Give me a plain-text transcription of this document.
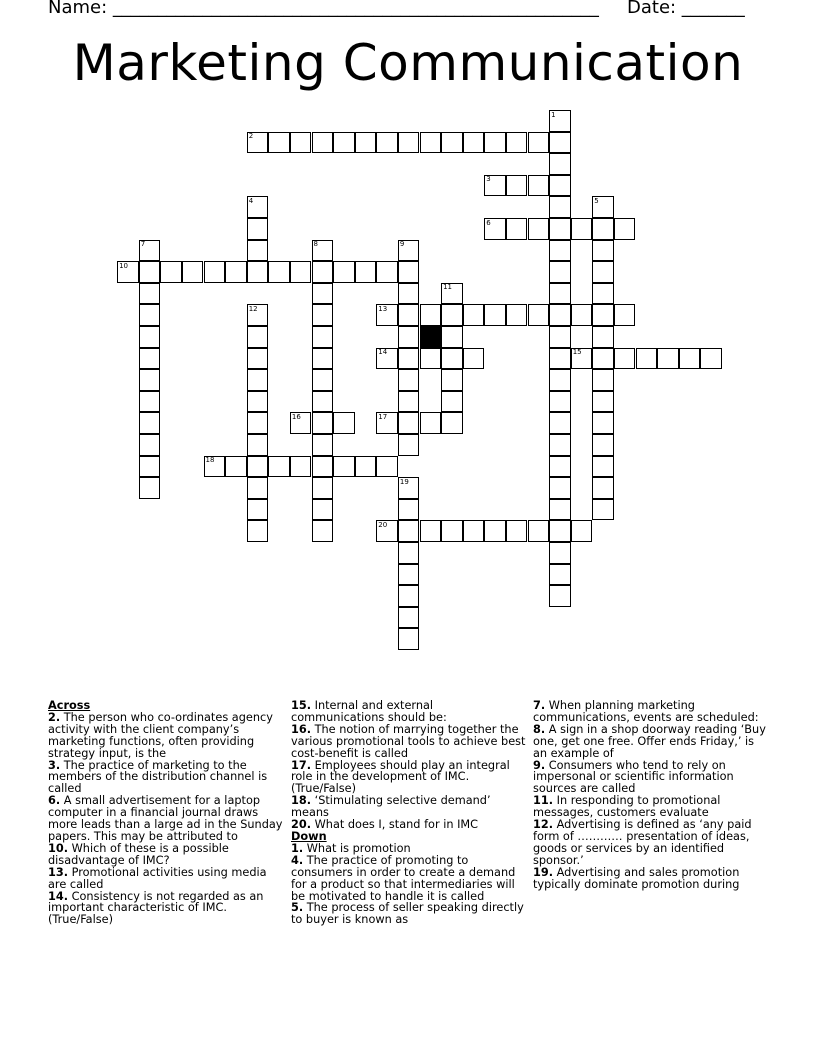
Name: ______________________________________________________ Date: _______
Marketing Communication
1
2
3
4	5
6
7	8	9
10
11
12	13
14	15
16	17
18
19
20

Across

2. The person who co-ordinates agency activity with the client company’s marketing functions, often providing strategy input, is the

3. The practice of marketing to the members of the distribution channel is called

6. A small advertisement for a laptop computer in a financial journal draws more leads than a large ad in the Sunday papers. This may be attributed to

10. Which of these is a possible disadvantage of IMC?

13. Promotional activities using media are called

14. Consistency is not regarded as an important characteristic of IMC. (True/False)

15. Internal and external communications should be:

16. The notion of marrying together the various promotional tools to achieve best cost-benefit is called

17. Employees should play an integral role in the development of IMC. (True/False)

18. ‘Stimulating selective demand’ means

20. What does I, stand for in IMC

Down

1. What is promotion

4. The practice of promoting to consumers in order to create a demand for a product so that intermediaries will be motivated to handle it is called

5. The process of seller speaking directly to buyer is known as

7. When planning marketing communications, events are scheduled:

8. A sign in a shop doorway reading ‘Buy one, get one free. Offer ends Friday,’ is an example of

9. Consumers who tend to rely on impersonal or scientific information sources are called

11. In responding to promotional messages, customers evaluate

12. Advertising is defined as ‘any paid form of ………… presentation of ideas, goods or services by an identified sponsor.’

19. Advertising and sales promotion typically dominate promotion during
